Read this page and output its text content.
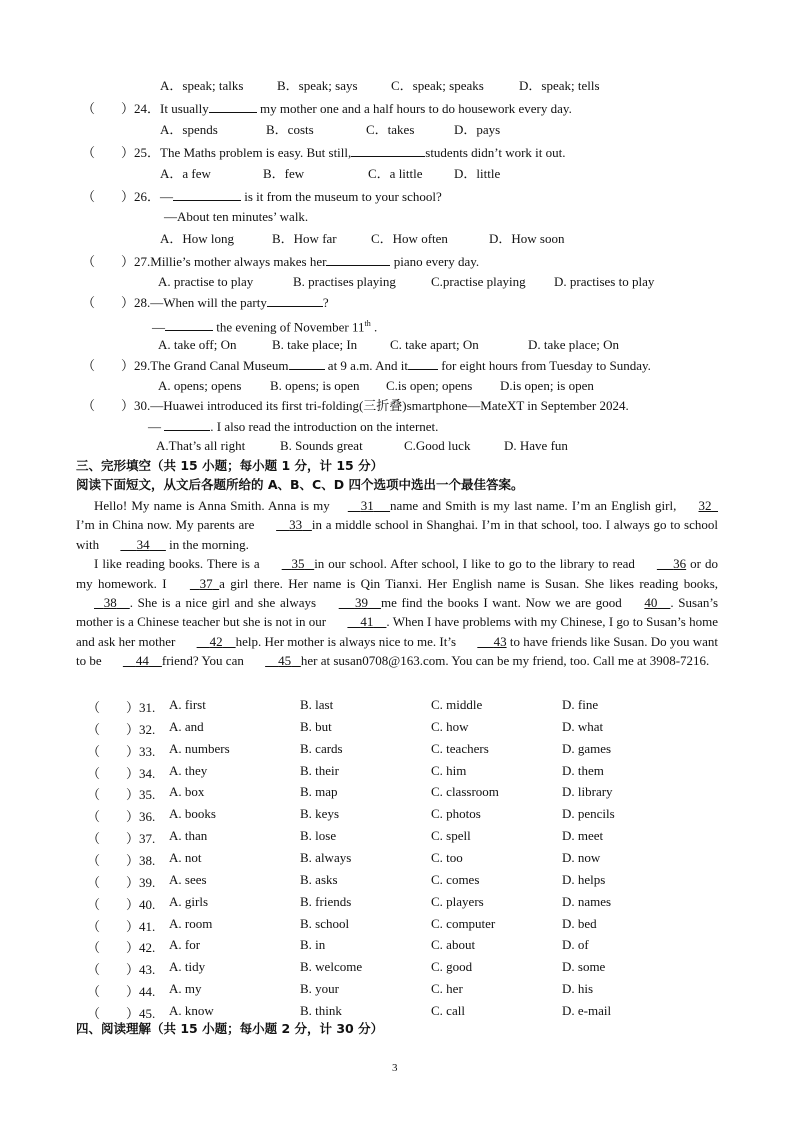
A．speak; talks	B．speak; says	C．speak; speaks	D．speak; tells
（　　）24．It usually	my mother one and a half hours to do housework every day.
A．spends	B．costs	C．takes	D．pays
（　　）25．The Maths problem is easy. But still,	students didn’t work it out.
A．a few	B．few	C．a little D．little
（　　）26．—	is it from the museum to your school?
—About ten minutes’ walk.
A．How long	B．How far	C．How often	D．How soon
（　　）27.Millie’s mother always makes her	piano every day.
A. practise to play	B. practises playing	C.practise playing D. practises to play
（　　）28.—When will the party	?
—	the evening of November 11th .
A. take off; On	B. take place; In	C. take apart; On	D. take place; On
（　　）29.The Grand Canal Museum	at 9 a.m. And it for eight hours from Tuesday to Sunday.
A. opens; opens B. opens; is open C.is open; opens D.is open; is open
（　　）30.—Huawei introduced its first tri-folding(三折叠)smartphone—MateXT in September 2024.
—	. I also read the introduction on the internet.
A.That’s all right	B. Sounds great	C.Good luck	D. Have fun
三、完形填空（共 15 小题；每小题 1 分，计 15 分）
阅读下面短文，从文后各题所给的 A、B、C、D 四个选项中选出一个最佳答案。

Hello! My name is Anna Smith. Anna is my 31 name and Smith is my last name. I’m an English girl, 32  I’m in China now. My parents are     33 in a middle school in Shanghai. I’m in that school, too. I always go to school with	34      in the morning.

I like reading books. There is a    35 in our school. After school, I like to go to the library to read	36 or do my homework. I    37 a girl there. Her name is Qin Tianxi. Her English name is Susan. She likes reading books,    38 . She is a nice girl and she always	39 me find the books I want. Now we are good 40 . Susan’s mother is a Chinese teacher but she is not in our     41 . When I have problems with my Chinese, I go to Susan’s home and ask her mother     42 help. Her mother is always nice to me. It’s	43 to have friends like Susan. Do you want to be     44 friend? You can     45 her at susan0708@163.com. You can be my friend, too. Call me at 3908-7216.

（　　）31. A. first	B. last	C. middle	D. fine
（　　）32. A. and	B. but	C. how	D. what
（　　）33. A. numbers	B. cards	C. teachers	D. games
（　　）34. A. they	B. their	C. him	D. them
（　　）35. A. box	B. map	C. classroom	D. library
（　　）36. A. books	B. keys	C. photos	D. pencils
（　　）37. A. than	B. lose	C. spell	D. meet
（　　）38. A. not	B. always	C. too	D. now
（　　）39. A. sees	B. asks	C. comes	D. helps
（　　）40. A. girls	B. friends	C. players	D. names
（　　）41. A. room	B. school	C. computer	D. bed
（　　）42. A. for	B. in	C. about	D. of
（　　）43. A. tidy	B. welcome	C. good	D. some
（　　）44. A. my	B. your	C. her	D. his
（　　）45. A. know	B. think	C. call	D. e-mail
四、阅读理解（共 15 小题；每小题 2 分，计 30 分）
3
